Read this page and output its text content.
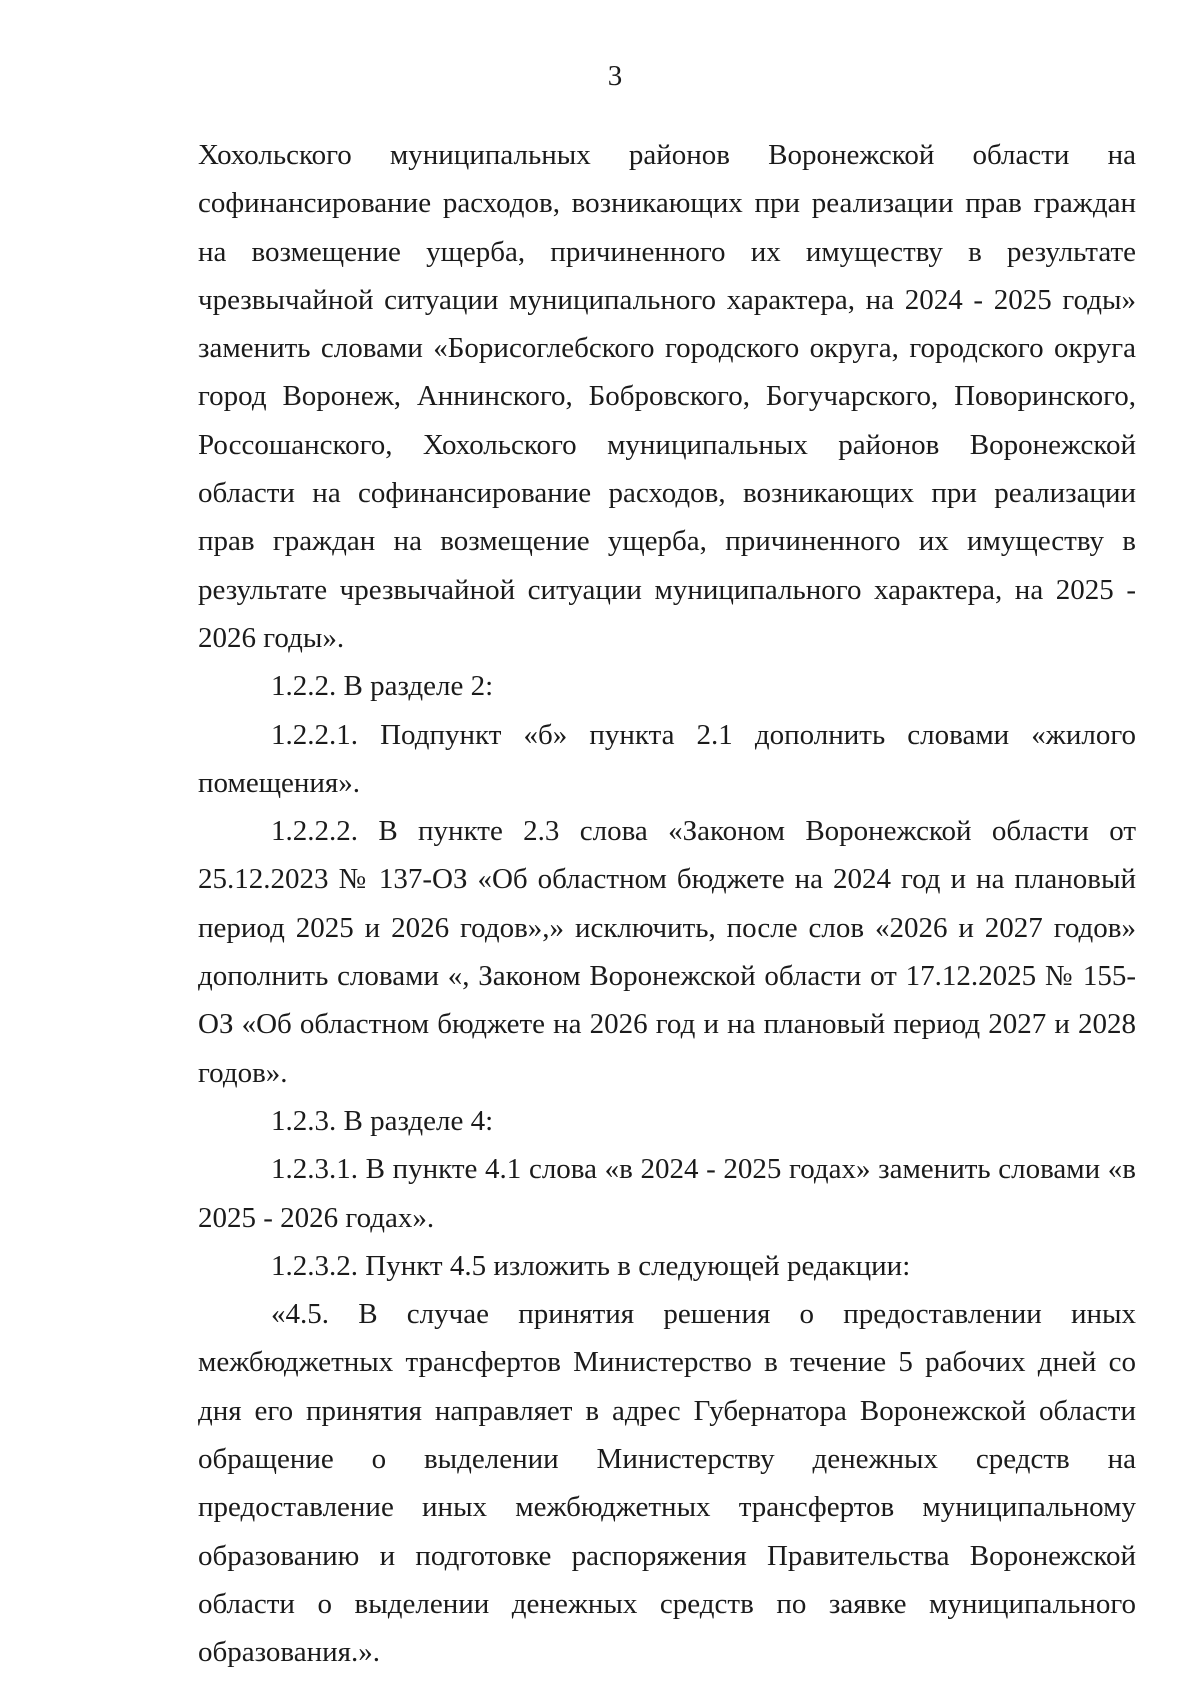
3

Хохольского муниципальных районов Воронежской области на софинансирование расходов, возникающих при реализации прав граждан на возмещение ущерба, причиненного их имуществу в результате чрезвычайной ситуации муниципального характера, на 2024 - 2025 годы» заменить словами «Борисоглебского городского округа, городского округа город Воронеж, Аннинского, Бобровского, Богучарского, Поворинского, Россошанского, Хохольского муниципальных районов Воронежской области на софинансирование расходов, возникающих при реализации прав граждан на возмещение ущерба, причиненного их имуществу в результате чрезвычайной ситуации муниципального характера, на 2025 - 2026 годы».

1.2.2. В разделе 2:

1.2.2.1. Подпункт «б» пункта 2.1 дополнить словами «жилого помещения».

1.2.2.2. В пункте 2.3 слова «Законом Воронежской области от 25.12.2023 № 137-ОЗ «Об областном бюджете на 2024 год и на плановый период 2025 и 2026 годов»,» исключить, после слов «2026 и 2027 годов» дополнить словами «, Законом Воронежской области от 17.12.2025 № 155-ОЗ «Об областном бюджете на 2026 год и на плановый период 2027 и 2028 годов».

1.2.3. В разделе 4:

1.2.3.1. В пункте 4.1 слова «в 2024 - 2025 годах» заменить словами «в 2025 - 2026 годах».

1.2.3.2. Пункт 4.5 изложить в следующей редакции:

«4.5. В случае принятия решения о предоставлении иных межбюджетных трансфертов Министерство в течение 5 рабочих дней со дня его принятия направляет в адрес Губернатора Воронежской области обращение о выделении Министерству денежных средств на предоставление иных межбюджетных трансфертов муниципальному образованию и подготовке распоряжения Правительства Воронежской области о выделении денежных средств по заявке муниципального образования.».
